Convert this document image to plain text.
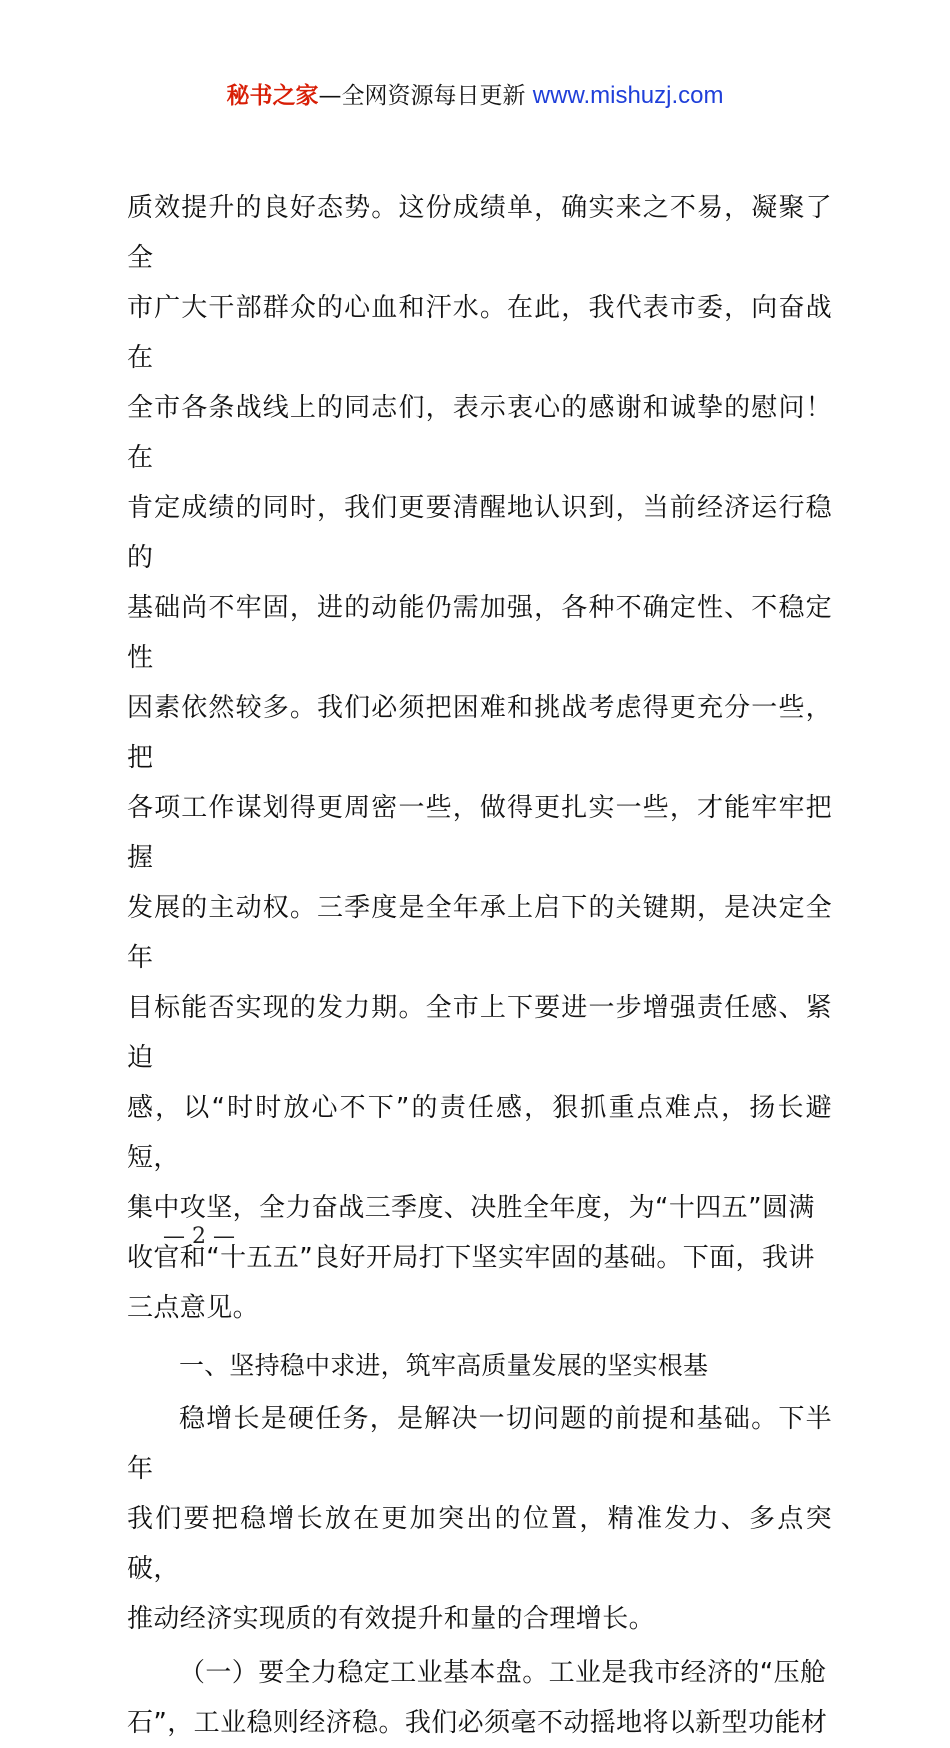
秘书之家—全网资源每日更新 www.mishuzj.com

质效提升的良好态势。这份成绩单，确实来之不易，凝聚了全
市广大干部群众的心血和汗水。在此，我代表市委，向奋战在
全市各条战线上的同志们，表示衷心的感谢和诚挚的慰问！在
肯定成绩的同时，我们更要清醒地认识到，当前经济运行稳的
基础尚不牢固，进的动能仍需加强，各种不确定性、不稳定性
因素依然较多。我们必须把困难和挑战考虑得更充分一些，把
各项工作谋划得更周密一些，做得更扎实一些，才能牢牢把握
发展的主动权。三季度是全年承上启下的关键期，是决定全年
目标能否实现的发力期。全市上下要进一步增强责任感、紧迫
感，以“时时放心不下”的责任感，狠抓重点难点，扬长避短，
集中攻坚，全力奋战三季度、决胜全年度，为“十四五”圆满
收官和“十五五”良好开局打下坚实牢固的基础。下面，我讲
三点意见。

一、坚持稳中求进，筑牢高质量发展的坚实根基

稳增长是硬任务，是解决一切问题的前提和基础。下半年
我们要把稳增长放在更加突出的位置，精准发力、多点突破，
推动经济实现质的有效提升和量的合理增长。

（一）要全力稳定工业基本盘。工业是我市经济的“压舱
石”，工业稳则经济稳。我们必须毫不动摇地将以新型功能材

— 2 —
